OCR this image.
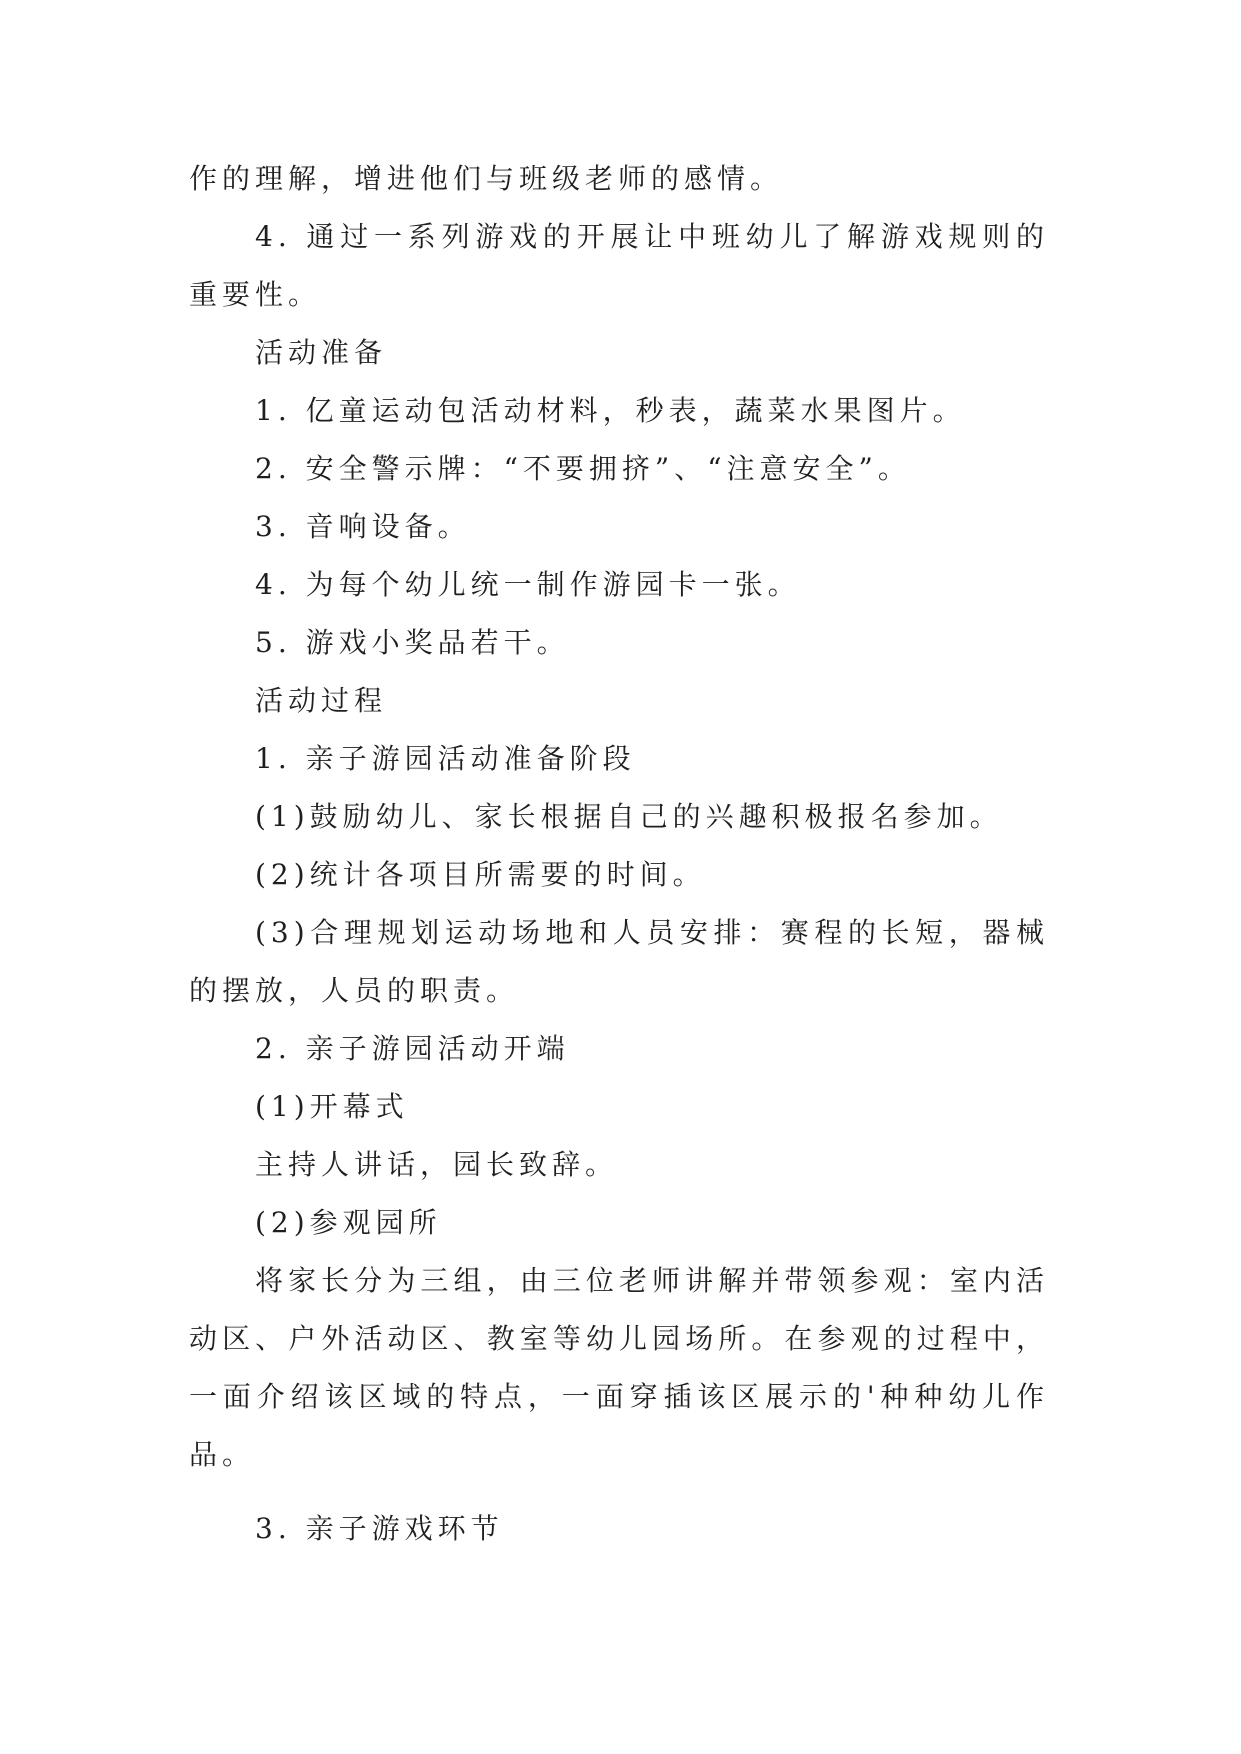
作的理解，增进他们与班级老师的感情。

4. 通过一系列游戏的开展让中班幼儿了解游戏规则的重要性。

活动准备

1. 亿童运动包活动材料，秒表，蔬菜水果图片。

2. 安全警示牌：“不要拥挤”、“注意安全”。

3. 音响设备。

4. 为每个幼儿统一制作游园卡一张。

5. 游戏小奖品若干。

活动过程

1. 亲子游园活动准备阶段

(1)鼓励幼儿、家长根据自己的兴趣积极报名参加。

(2)统计各项目所需要的时间。

(3)合理规划运动场地和人员安排：赛程的长短，器械的摆放，人员的职责。

2. 亲子游园活动开端

(1)开幕式

主持人讲话，园长致辞。

(2)参观园所

将家长分为三组，由三位老师讲解并带领参观：室内活动区、户外活动区、教室等幼儿园场所。在参观的过程中，一面介绍该区域的特点，一面穿插该区展示的'种种幼儿作品。

3. 亲子游戏环节
